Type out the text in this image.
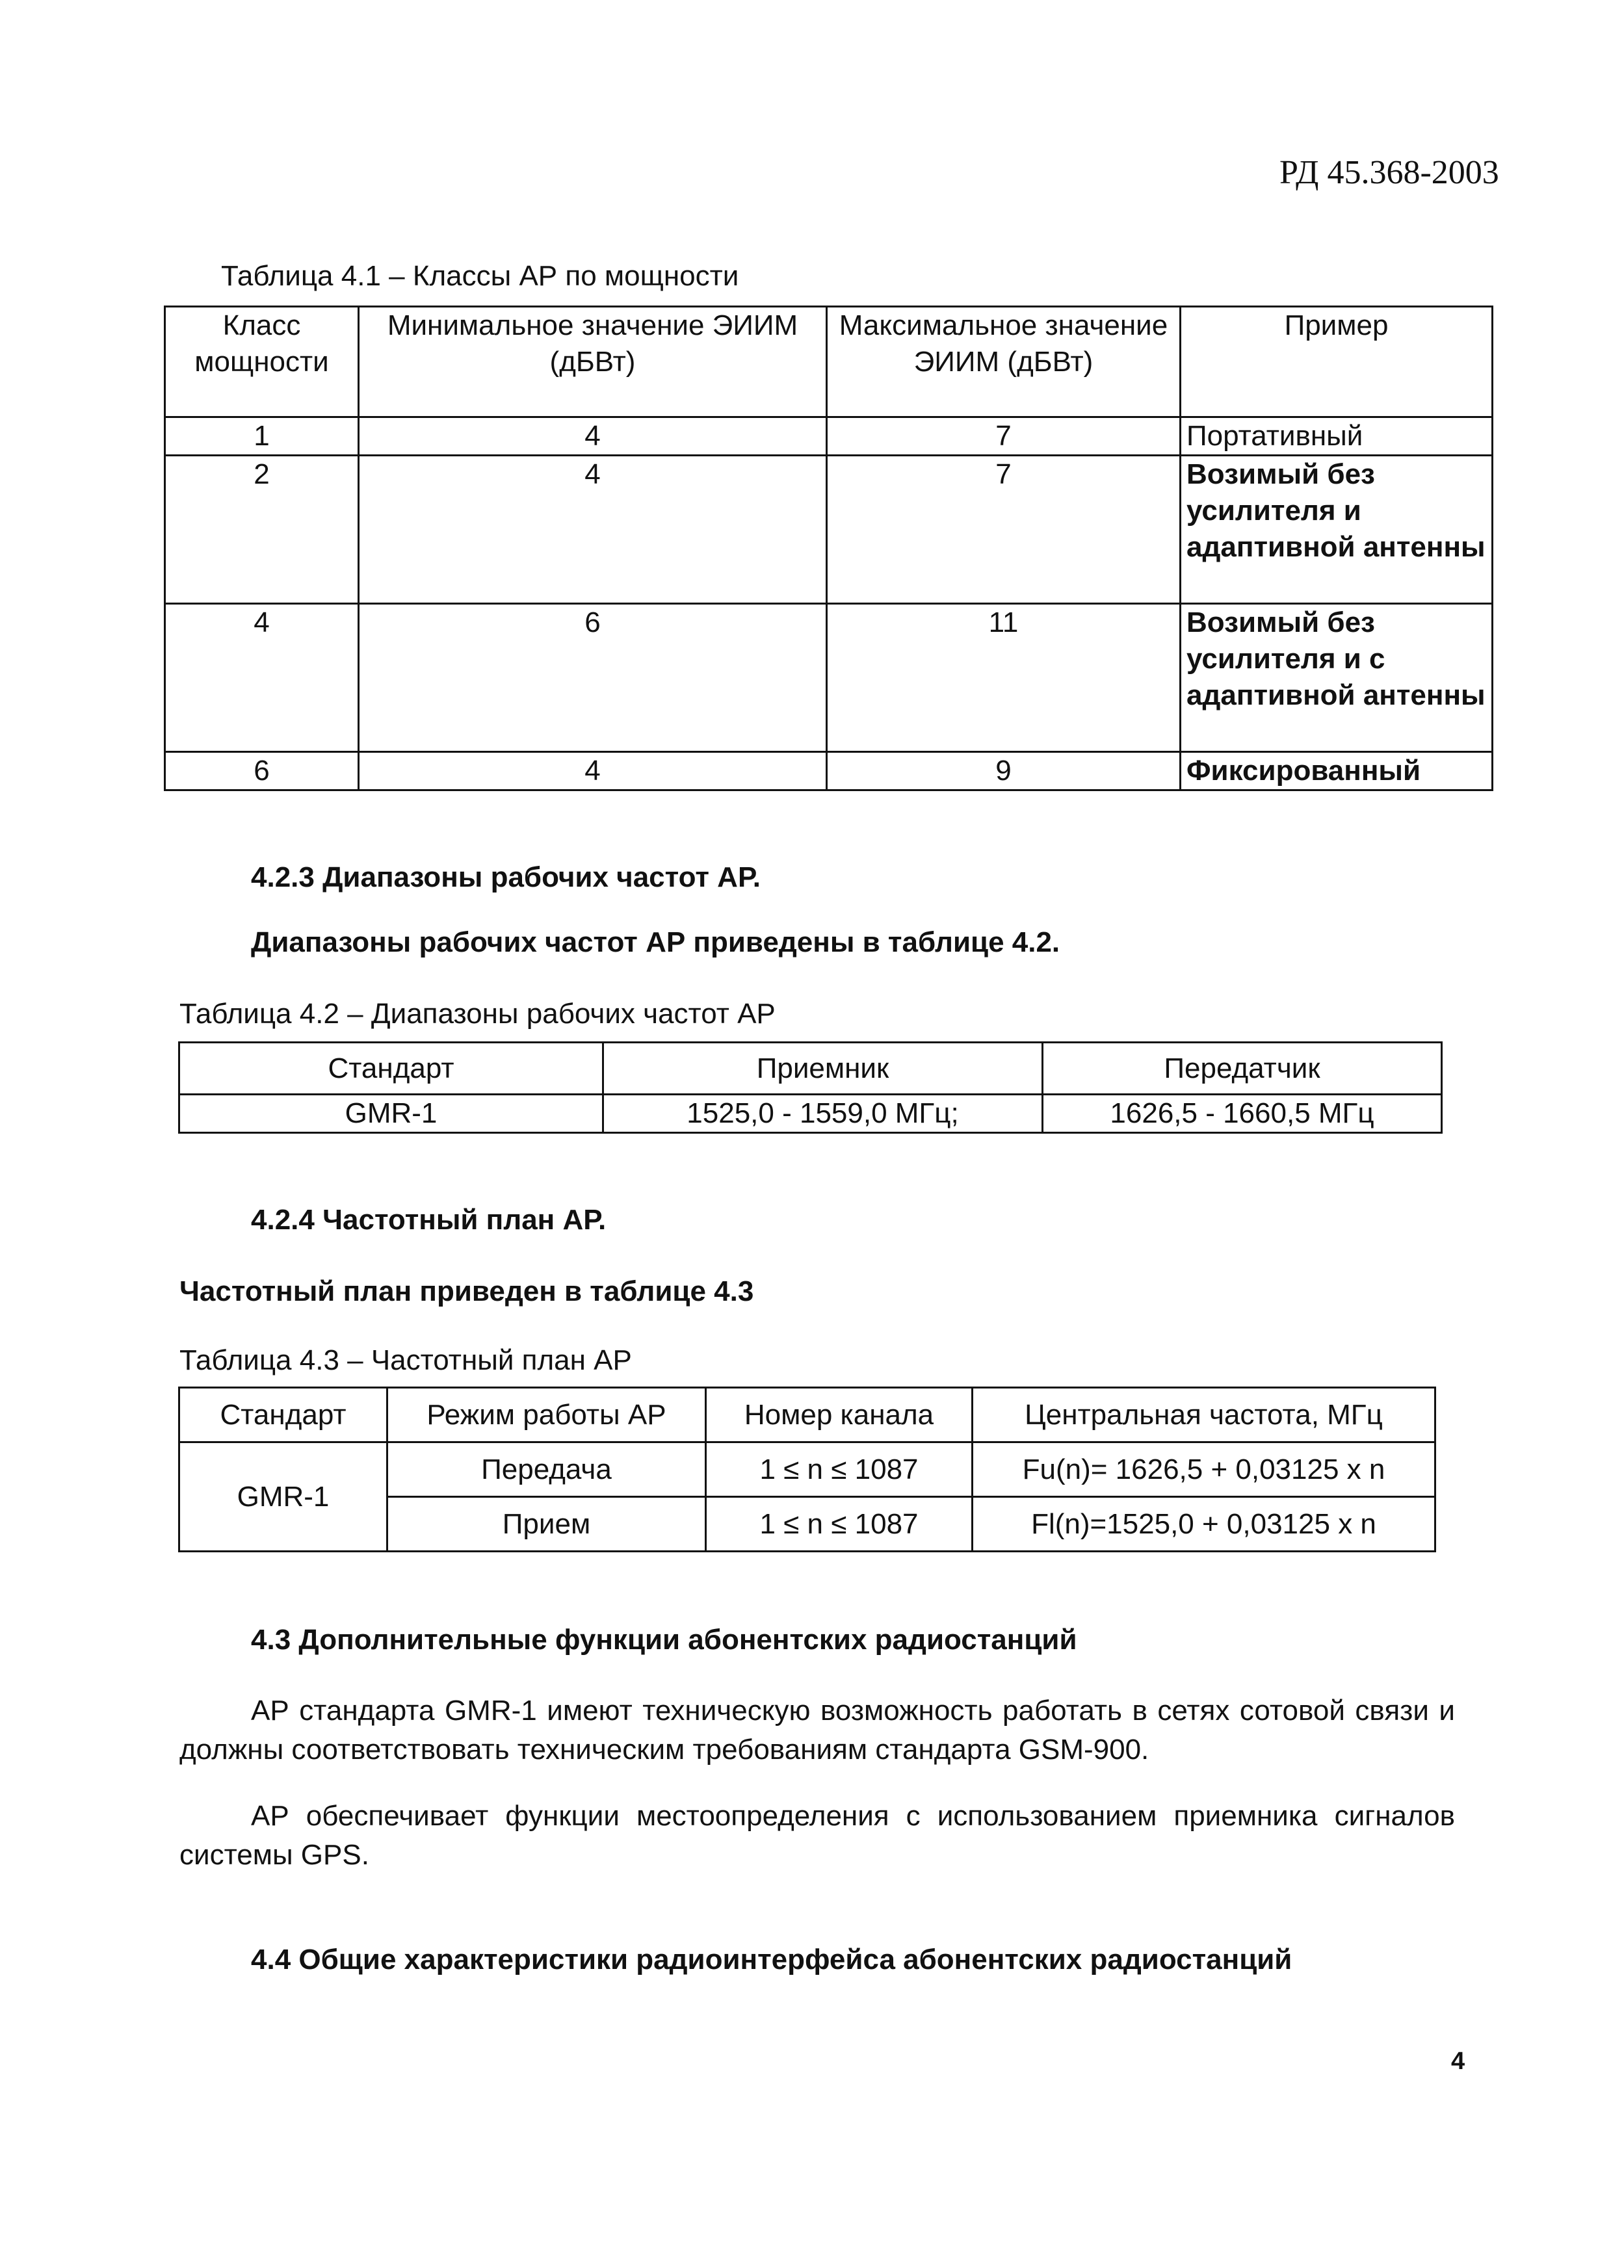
РД 45.368-2003
Таблица 4.1 – Классы АР по мощности
Класс мощности	Минимальное значение ЭИИМ (дБВт)	Максимальное значение ЭИИМ (дБВт)	Пример
1	4	7	Портативный
2	4	7	Возимый без усилителя и адаптивной антенны
4	6	11	Возимый без усилителя и с адаптивной антенны
6	4	9	Фиксированный
4.2.3 Диапазоны рабочих частот АР.
Диапазоны рабочих частот АР приведены в таблице 4.2.
Таблица 4.2 – Диапазоны рабочих частот АР
Стандарт	Приемник	Передатчик
GMR-1	1525,0 - 1559,0 МГц;	1626,5 - 1660,5 МГц
4.2.4 Частотный план АР.
Частотный план приведен в таблице 4.3
Таблица 4.3 – Частотный план АР
Стандарт	Режим работы АР	Номер канала	Центральная частота, МГц
GMR-1	Передача	1 ≤ n ≤ 1087	Fu(n)= 1626,5 + 0,03125 x n
	Прием	1 ≤ n ≤ 1087	Fl(n)=1525,0 + 0,03125 x n
4.3 Дополнительные функции абонентских радиостанций
АР стандарта GMR-1 имеют техническую возможность работать в сетях сотовой связи и должны соответствовать техническим требованиям стандарта GSM-900.
АР обеспечивает функции местоопределения с использованием приемника сигналов системы GPS.
4.4 Общие характеристики радиоинтерфейса абонентских радиостанций
4
